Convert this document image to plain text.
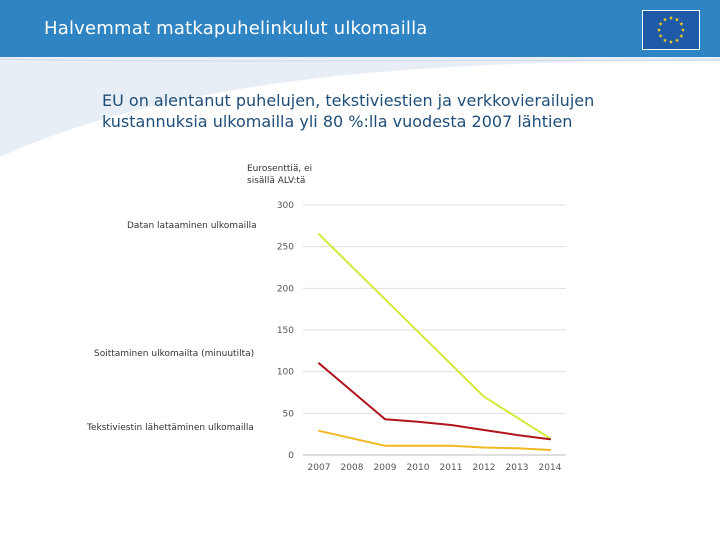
Halvemmat matkapuhelinkulut ulkomailla
EU on alentanut puhelujen, tekstiviestien ja verkkovierailujen kustannuksia ulkomailla yli 80 %:lla vuodesta 2007 lähtien
Eurosenttiä, ei sisällä ALV:tä
Datan lataaminen ulkomailla
Soittaminen ulkomailta (minuutilta)
Tekstiviestin lähettäminen ulkomailla
0
50
100
150
200
250
300
2007 2008 2009 2010 2011 2012 2013 2014
